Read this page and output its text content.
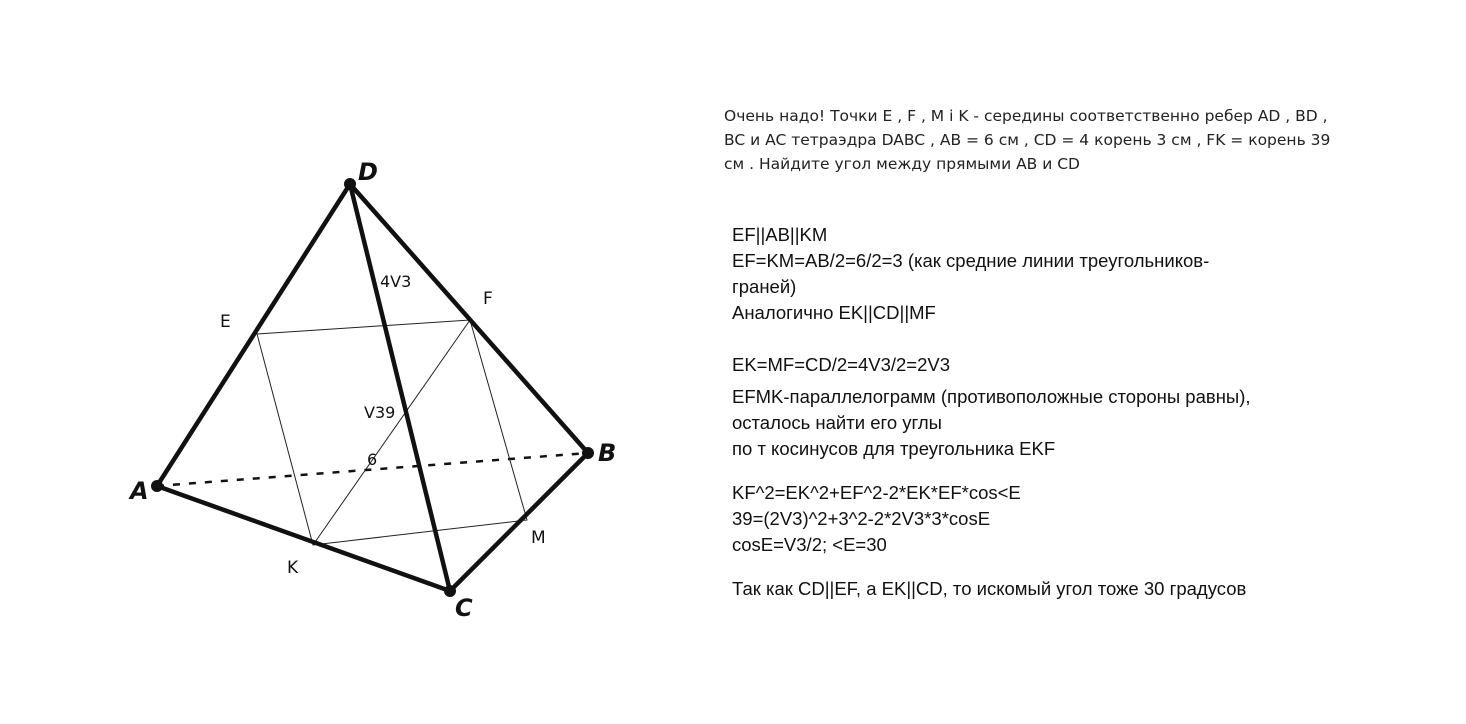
D
A
B
C
E
F
M
K
4V3
V39
6
Очень надо! Точки E , F , M i K - середины соответственно ребер AD , BD , BC и AC тетраэдра DABC , AB = 6 см , CD = 4 корень 3 см , FK = корень 39 см . Найдите угол между прямыми AB и CD
EF||AB||KM
EF=KM=AB/2=6/2=3 (как средние линии треугольников-
граней)
Аналогично EK||CD||MF
EK=MF=CD/2=4V3/2=2V3
EFMK-параллелограмм (противоположные стороны равны),
осталось найти его углы
по т косинусов для треугольника EKF
KF^2=EK^2+EF^2-2*EK*EF*cos<E
39=(2V3)^2+3^2-2*2V3*3*cosE
cosE=V3/2; <E=30
Так как CD||EF, а EK||CD, то искомый угол тоже 30 градусов
